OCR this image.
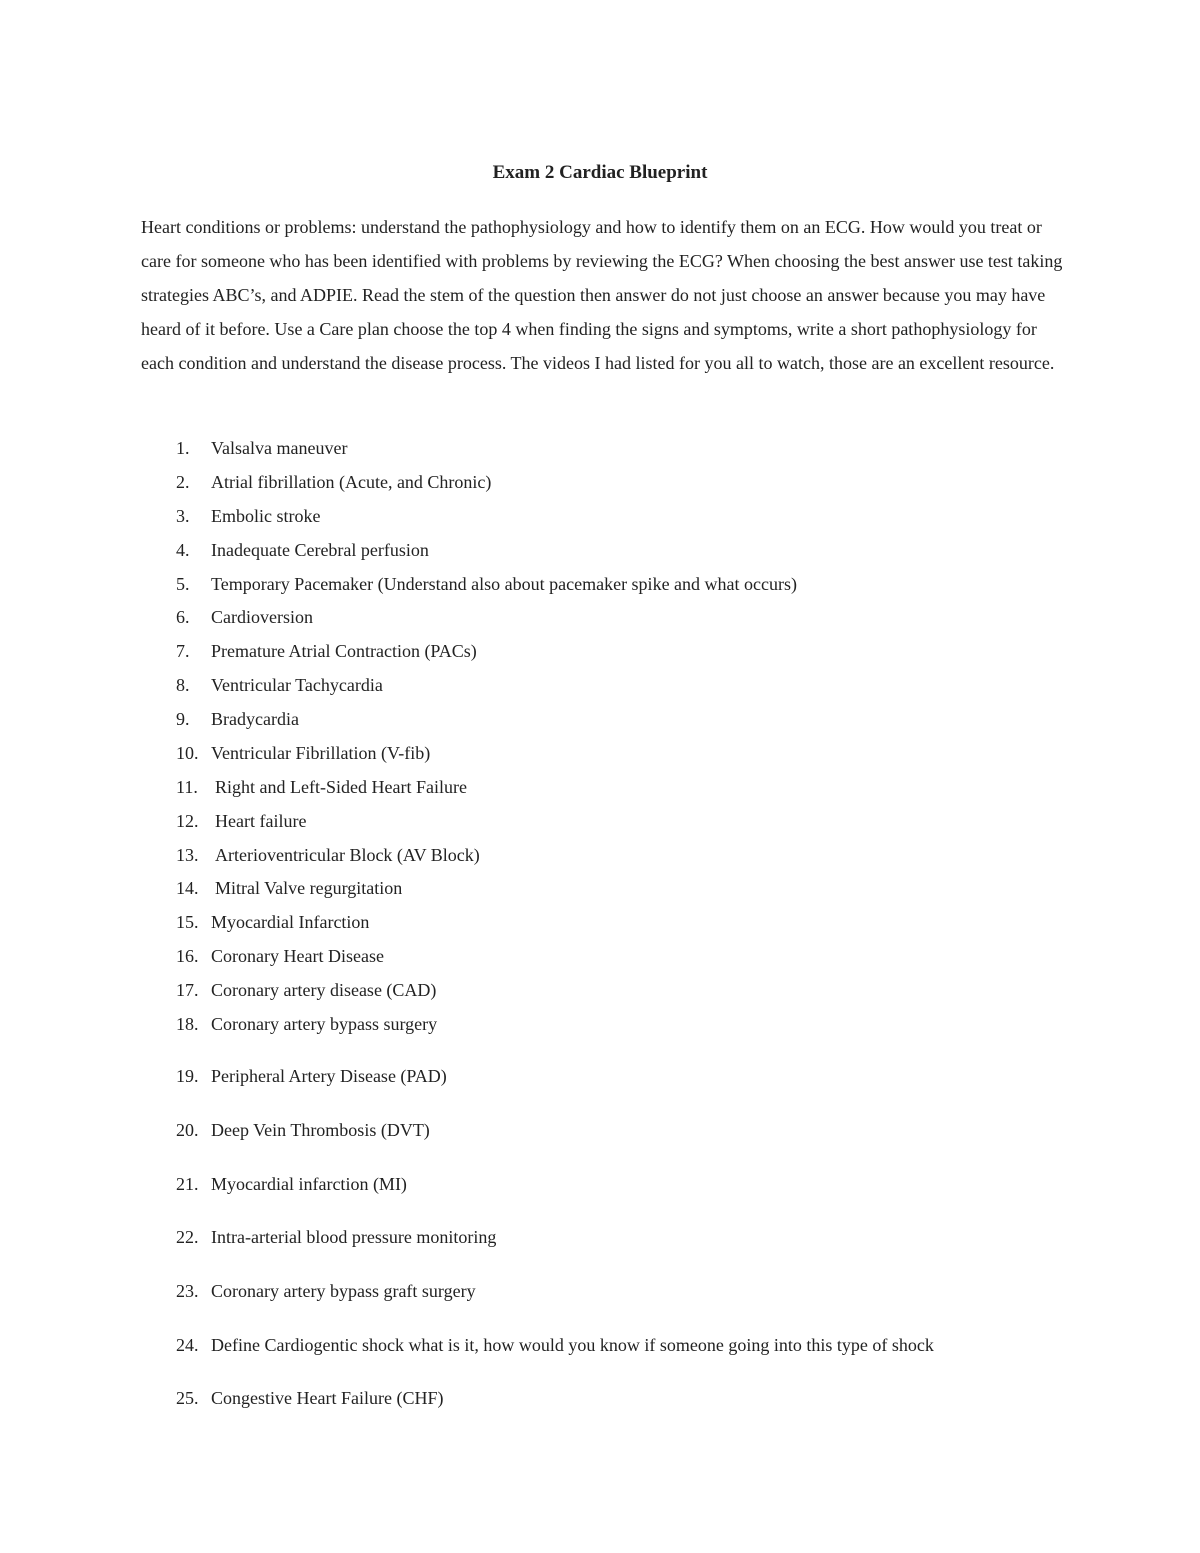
Exam 2 Cardiac Blueprint

Heart conditions or problems: understand the pathophysiology and how to identify them on an ECG. How would you treat or care for someone who has been identified with problems by reviewing the ECG? When choosing the best answer use test taking strategies ABC’s, and ADPIE. Read the stem of the question then answer do not just choose an answer because you may have heard of it before. Use a Care plan choose the top 4 when finding the signs and symptoms, write a short pathophysiology for each condition and understand the disease process. The videos I had listed for you all to watch, those are an excellent resource.

1. Valsalva maneuver
2. Atrial fibrillation (Acute, and Chronic)
3. Embolic stroke
4. Inadequate Cerebral perfusion
5. Temporary Pacemaker (Understand also about pacemaker spike and what occurs)
6. Cardioversion
7. Premature Atrial Contraction (PACs)
8. Ventricular Tachycardia
9. Bradycardia
10. Ventricular Fibrillation (V-fib)
11. Right and Left-Sided Heart Failure
12. Heart failure
13. Arterioventricular Block (AV Block)
14. Mitral Valve regurgitation
15. Myocardial Infarction
16. Coronary Heart Disease
17. Coronary artery disease (CAD)
18. Coronary artery bypass surgery
19. Peripheral Artery Disease (PAD)
20. Deep Vein Thrombosis (DVT)
21. Myocardial infarction (MI)
22. Intra-arterial blood pressure monitoring
23. Coronary artery bypass graft surgery
24. Define Cardiogentic shock what is it, how would you know if someone going into this type of shock
25. Congestive Heart Failure (CHF)
